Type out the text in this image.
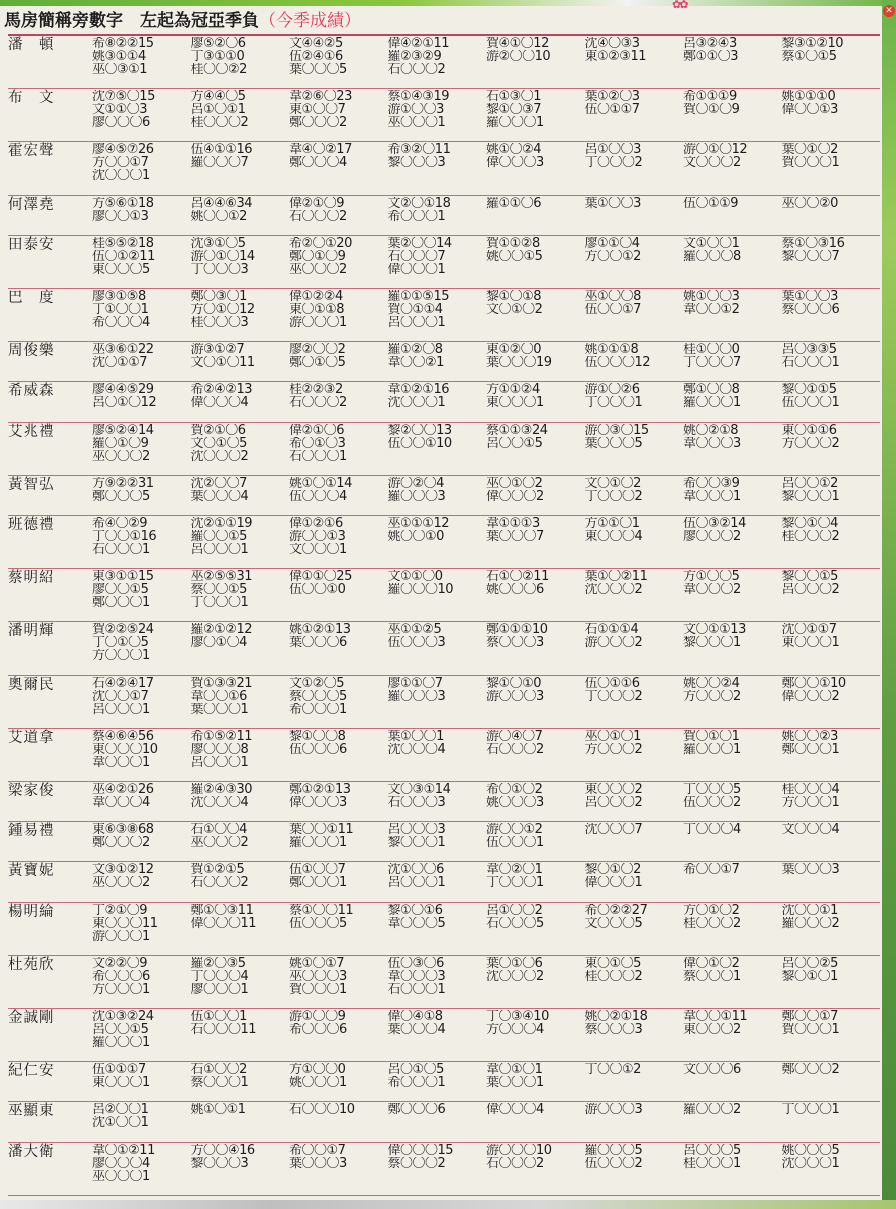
✿✿
馬房簡稱旁數字　左起為冠亞季負（今季成績）	✕
潘　頓	希⑧②②15	廖⑤②〇6	文④④②5	偉④②①11	賀④①〇12	沈④〇③3	呂③②④3	黎③①②10
姚③①①4	丁③①①0	伍②④①6	羅②③②9	游②〇〇10	東①②③11	鄭①①〇3	蔡①〇①5
巫〇③①1	桂〇〇②2	葉〇〇〇5	石〇〇〇2
布　文	沈⑦⑤〇15	方④④〇5	韋②⑥〇23	蔡①④③19	石①③〇1	葉①②〇3	希①①①9	姚①①①0
文①①〇3	呂①〇①1	東①〇〇7	游①〇〇3	黎①〇③7	伍〇①①7	賀〇①〇9	偉〇〇①3
廖〇〇〇6	桂〇〇〇2	鄭〇〇〇2	巫〇〇〇1	羅〇〇〇1
霍宏聲	廖④⑤⑦26	伍④①①16	韋④〇②17	希③②〇11	姚①〇②4	呂①〇〇3	游〇①〇12	葉〇①〇2
方〇〇①7	羅〇〇〇7	鄭〇〇〇4	黎〇〇〇3	偉〇〇〇3	丁〇〇〇2	文〇〇〇2	賀〇〇〇1
沈〇〇〇1
何澤堯	方⑤⑥①18	呂④④⑥34	偉②①〇9	文②〇①18	羅①①〇6	葉①〇〇3	伍〇①①9	巫〇〇②0
廖〇〇①3	姚〇〇①2	石〇〇〇2	希〇〇〇1
田泰安	桂⑤⑤②18	沈③①〇5	希②〇①20	葉②〇〇14	賀①①②8	廖①①〇4	文①〇〇1	蔡①〇③16
伍〇①②11	游〇①〇14	鄭〇①〇9	石〇〇〇7	姚〇〇①5	方〇〇①2	羅〇〇〇8	黎〇〇〇7
東〇〇〇5	丁〇〇〇3	巫〇〇〇2	偉〇〇〇1
巴　度	廖③①⑤8	鄭〇③〇1	偉①②②4	羅①①⑤15	黎①〇①8	巫①〇〇8	姚①〇〇3	葉①〇〇3
丁①〇〇1	方〇①〇12	東〇①①8	賀〇①①4	文〇①〇2	伍〇〇①7	韋〇〇①2	蔡〇〇〇6
希〇〇〇4	桂〇〇〇3	游〇〇〇1	呂〇〇〇1
周俊樂	巫③⑥①22	游③①②7	廖②〇〇2	羅①②〇8	東①②〇0	姚①①①8	桂①〇〇0	呂〇③③5
沈〇①①7	文〇①〇11	鄭〇①〇5	韋〇〇②1	葉〇〇〇19	伍〇〇〇12	丁〇〇〇7	石〇〇〇1
希威森	廖④④⑤29	希②④②13	桂②②③2	韋①②①16	方①①②4	游①〇②6	鄭①〇〇8	黎〇①①5
呂〇①〇12	偉〇〇〇4	石〇〇〇2	沈〇〇〇1	東〇〇〇1	丁〇〇〇1	羅〇〇〇1	伍〇〇〇1
艾兆禮	廖⑤②④14	賀②①〇6	偉②①〇6	黎②〇〇13	蔡①①③24	游〇③〇15	姚〇②①8	東〇①①6
羅〇①〇9	文〇①〇5	希〇①〇3	伍〇〇①10	呂〇〇①5	葉〇〇〇5	韋〇〇〇3	方〇〇〇2
巫〇〇〇2	沈〇〇〇2	石〇〇〇1
黃智弘	方⑨②②31	沈②〇〇7	姚①〇①14	游〇②〇4	巫〇①〇2	文〇①〇2	希〇〇③9	呂〇〇①2
鄭〇〇〇5	葉〇〇〇4	伍〇〇〇4	羅〇〇〇3	偉〇〇〇2	丁〇〇〇2	韋〇〇〇1	黎〇〇〇1
班德禮	希④〇②9	沈②①①19	偉①②①6	巫①①①12	韋①①①3	方①①〇1	伍〇③②14	黎〇①〇4
丁〇〇①16	羅〇〇①5	游〇〇①3	姚〇〇①0	葉〇〇〇7	東〇〇〇4	廖〇〇〇2	桂〇〇〇2
石〇〇〇1	呂〇〇〇1	文〇〇〇1
蔡明紹	東③①①15	巫②⑤⑤31	偉①①〇25	文①①〇0	石①〇②11	葉①〇②11	方①〇〇5	黎〇〇①5
廖〇〇①5	蔡〇〇①5	伍〇〇①0	羅〇〇〇10	姚〇〇〇6	沈〇〇〇2	韋〇〇〇2	呂〇〇〇2
鄭〇〇〇1	丁〇〇〇1
潘明輝	賀②②⑤24	羅②①②12	姚①②①13	巫①①②5	鄭①①①10	石①①①4	文〇①①13	沈〇①①7
丁〇①〇5	廖〇①〇4	葉〇〇〇6	伍〇〇〇3	蔡〇〇〇3	游〇〇〇2	黎〇〇〇1	東〇〇〇1
方〇〇〇1
奧爾民	石④②④17	賀①③③21	文①②〇5	廖①①〇7	黎①〇①0	伍〇①①6	姚〇〇②4	鄭〇〇①10
沈〇〇①7	韋〇〇①6	蔡〇〇〇5	羅〇〇〇3	游〇〇〇3	丁〇〇〇2	方〇〇〇2	偉〇〇〇2
呂〇〇〇1	葉〇〇〇1	希〇〇〇1
艾道拿	蔡④⑥④56	希①⑤②11	黎①〇〇8	葉①〇〇1	游〇④〇7	巫〇①〇1	賀〇①〇1	姚〇〇②3
東〇〇〇10	廖〇〇〇8	伍〇〇〇6	沈〇〇〇4	石〇〇〇2	方〇〇〇2	羅〇〇〇1	鄭〇〇〇1
韋〇〇〇1	呂〇〇〇1
梁家俊	巫④②①26	羅②④③30	鄭①②①13	文〇③①14	希〇①〇2	東〇〇〇2	丁〇〇〇5	桂〇〇〇4
韋〇〇〇4	沈〇〇〇4	偉〇〇〇3	石〇〇〇3	姚〇〇〇3	呂〇〇〇2	伍〇〇〇2	方〇〇〇1
鍾易禮	東⑥③⑧68	石①〇〇4	葉〇〇①11	呂〇〇〇3	游〇〇①2	沈〇〇〇7	丁〇〇〇4	文〇〇〇4
鄭〇〇〇2	巫〇〇〇2	羅〇〇〇1	黎〇〇〇1	伍〇〇〇1
黃寶妮	文③①②12	賀①②①5	伍①〇〇7	沈①〇〇6	韋〇②〇1	黎〇①〇2	希〇〇①7	葉〇〇〇3
巫〇〇〇2	石〇〇〇2	鄭〇〇〇1	呂〇〇〇1	丁〇〇〇1	偉〇〇〇1
楊明綸	丁②①〇9	鄭①〇③11	蔡①〇〇11	黎①〇①6	呂①〇〇2	希〇②②27	方〇①〇2	沈〇〇①1
東〇〇〇11	偉〇〇〇11	伍〇〇〇5	韋〇〇〇5	石〇〇〇5	文〇〇〇5	桂〇〇〇2	羅〇〇〇2
游〇〇〇1
杜苑欣	文②②〇9	羅②〇③5	姚①〇①7	伍〇③〇6	葉〇①〇6	東〇①〇5	偉〇①〇2	呂〇〇②5
希〇〇〇6	丁〇〇〇4	巫〇〇〇3	韋〇〇〇3	沈〇〇〇2	桂〇〇〇2	蔡〇〇〇1	黎〇①〇1
方〇〇〇1	廖〇〇〇1	賀〇〇〇1	石〇〇〇1
金誠剛	沈①③②24	伍①〇〇1	游①〇〇9	偉〇④①8	丁〇③④10	姚〇②①18	韋〇〇①11	鄭〇〇①7
呂〇〇①5	石〇〇〇11	希〇〇〇6	葉〇〇〇4	方〇〇〇4	蔡〇〇〇3	東〇〇〇2	賀〇〇〇1
羅〇〇〇1
紀仁安	伍①①①7	石①〇〇2	方①〇〇0	呂〇①〇5	韋〇①〇1	丁〇〇①2	文〇〇〇6	鄭〇〇〇2
東〇〇〇1	蔡〇〇〇1	姚〇〇〇1	希〇〇〇1	葉〇〇〇1
巫顯東	呂②〇〇1	姚①〇①1	石〇〇〇10	鄭〇〇〇6	偉〇〇〇4	游〇〇〇3	羅〇〇〇2	丁〇〇〇1
沈①〇〇1
潘大衛	韋〇①②11	方〇〇④16	希〇〇①7	偉〇〇〇15	游〇〇〇10	羅〇〇〇5	呂〇〇〇5	姚〇〇〇5
廖〇〇〇4	黎〇〇〇3	葉〇〇〇3	蔡〇〇〇2	石〇〇〇2	伍〇〇〇2	桂〇〇〇1	沈〇〇〇1
巫〇〇〇1
